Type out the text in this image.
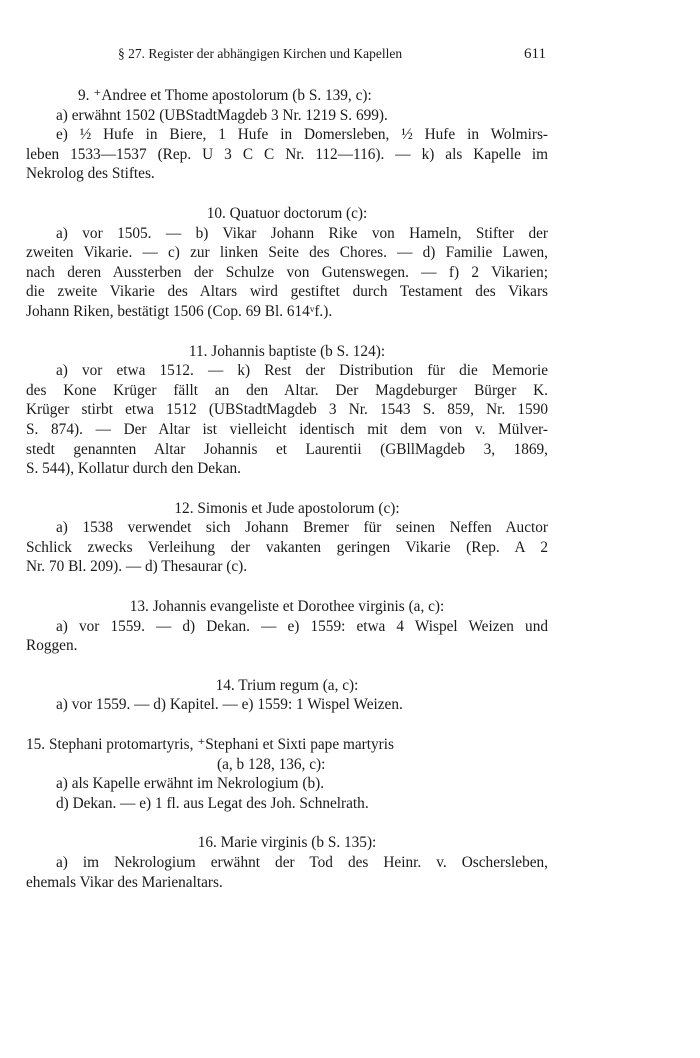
§ 27. Register der abhängigen Kirchen und Kapellen	611
9. ⁺Andree et Thome apostolorum (b S. 139, c):
a) erwähnt 1502 (UBStadtMagdeb 3 Nr. 1219 S. 699).
e) ½ Hufe in Biere, 1 Hufe in Domersleben, ½ Hufe in Wolmirs-
leben 1533—1537 (Rep. U 3 C C Nr. 112—116). — k) als Kapelle im
Nekrolog des Stiftes.
10. Quatuor doctorum (c):
a) vor 1505. — b) Vikar Johann Rike von Hameln, Stifter der
zweiten Vikarie. — c) zur linken Seite des Chores. — d) Familie Lawen,
nach deren Aussterben der Schulze von Gutenswegen. — f) 2 Vikarien;
die zweite Vikarie des Altars wird gestiftet durch Testament des Vikars
Johann Riken, bestätigt 1506 (Cop. 69 Bl. 614ᵛf.).
11. Johannis baptiste (b S. 124):
a) vor etwa 1512. — k) Rest der Distribution für die Memorie
des Kone Krüger fällt an den Altar. Der Magdeburger Bürger K.
Krüger stirbt etwa 1512 (UBStadtMagdeb 3 Nr. 1543 S. 859, Nr. 1590
S. 874). — Der Altar ist vielleicht identisch mit dem von v. Mülver-
stedt genannten Altar Johannis et Laurentii (GBllMagdeb 3, 1869,
S. 544), Kollatur durch den Dekan.
12. Simonis et Jude apostolorum (c):
a) 1538 verwendet sich Johann Bremer für seinen Neffen Auctor
Schlick zwecks Verleihung der vakanten geringen Vikarie (Rep. A 2
Nr. 70 Bl. 209). — d) Thesaurar (c).
13. Johannis evangeliste et Dorothee virginis (a, c):
a) vor 1559. — d) Dekan. — e) 1559: etwa 4 Wispel Weizen und
Roggen.
14. Trium regum (a, c):
a) vor 1559. — d) Kapitel. — e) 1559: 1 Wispel Weizen.
15. Stephani protomartyris, ⁺Stephani et Sixti pape martyris
(a, b 128, 136, c):
a) als Kapelle erwähnt im Nekrologium (b).
d) Dekan. — e) 1 fl. aus Legat des Joh. Schnelrath.
16. Marie virginis (b S. 135):
a) im Nekrologium erwähnt der Tod des Heinr. v. Oschersleben,
ehemals Vikar des Marienaltars.
